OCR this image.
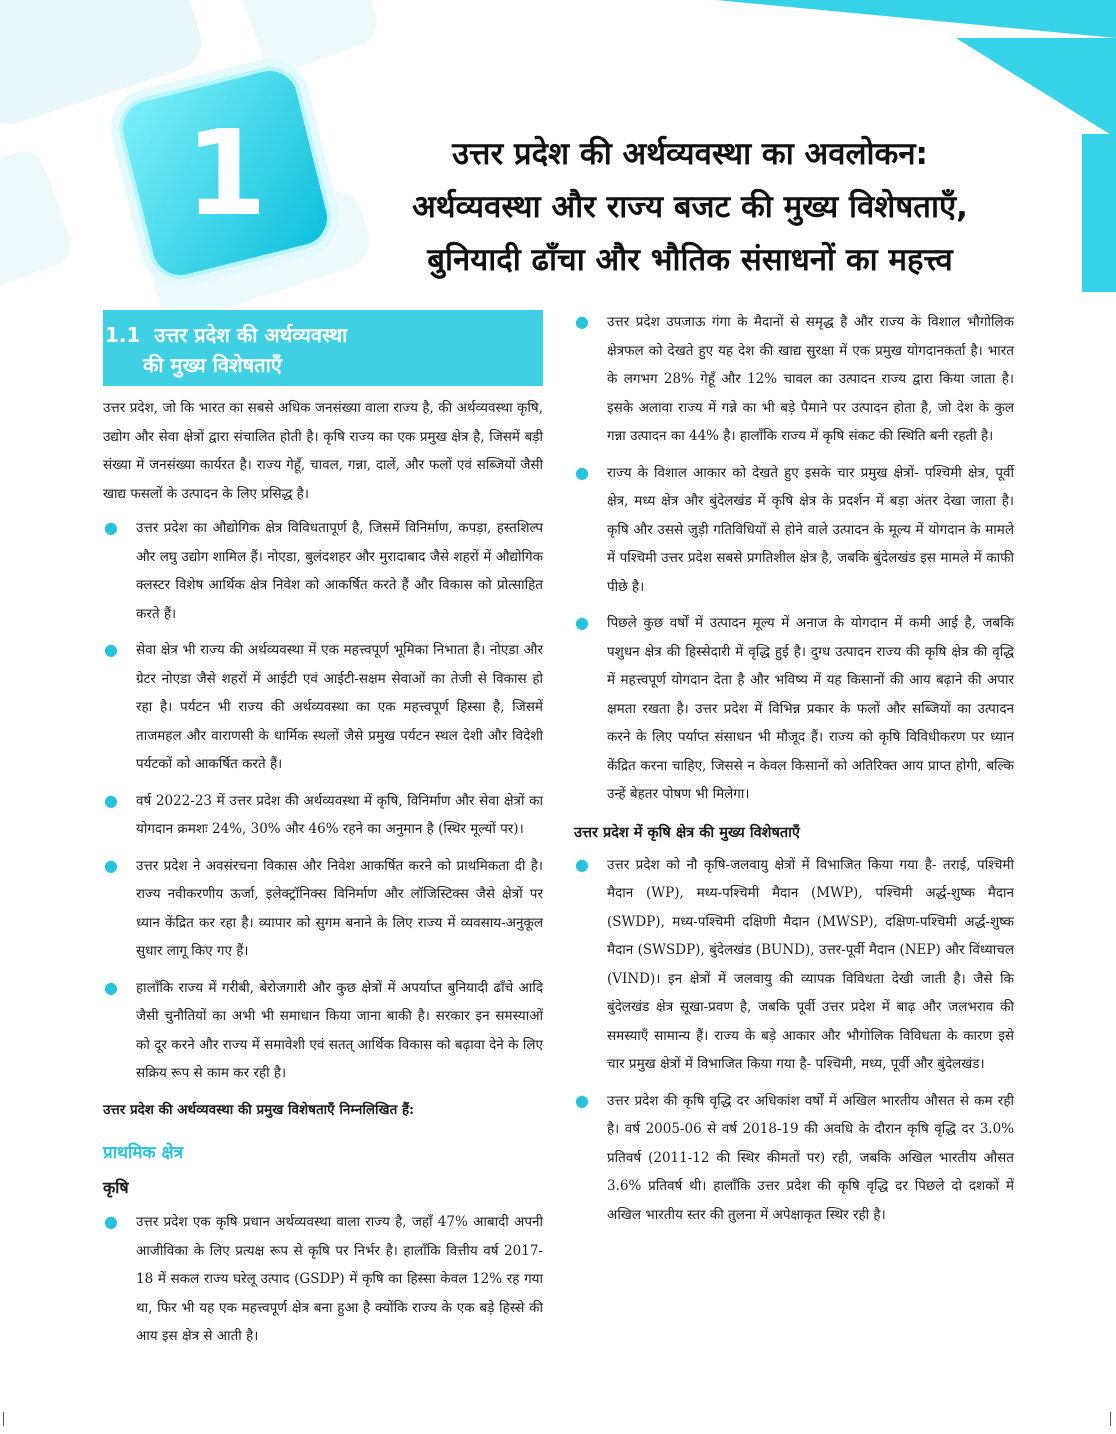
1	उत्तर प्रदेश की अर्थव्यवस्था का अवलोकन:
अर्थव्यवस्था और राज्य बजट की मुख्य विशेषताएँ,
बुनियादी ढाँचा और भौतिक संसाधनों का महत्त्व
1.1 उत्तर प्रदेश की अर्थव्यवस्था
की मुख्य विशेषताएँ

उत्तर प्रदेश, जो कि भारत का सबसे अधिक जनसंख्या वाला राज्य है, की अर्थव्यवस्था कृषि, उद्योग और सेवा क्षेत्रों द्वारा संचालित होती है। कृषि राज्य का एक प्रमुख क्षेत्र है, जिसमें बड़ी संख्या में जनसंख्या कार्यरत है। राज्य गेहूँ, चावल, गन्ना, दालें, और फलों एवं सब्जियों जैसी खाद्य फसलों के उत्पादन के लिए प्रसिद्ध है।

● उत्तर प्रदेश का औद्योगिक क्षेत्र विविधतापूर्ण है, जिसमें विनिर्माण, कपड़ा, हस्तशिल्प और लघु उद्योग शामिल हैं। नोएडा, बुलंदशहर और मुरादाबाद जैसे शहरों में औद्योगिक क्लस्टर विशेष आर्थिक क्षेत्र निवेश को आकर्षित करते हैं और विकास को प्रोत्साहित करते हैं।
● सेवा क्षेत्र भी राज्य की अर्थव्यवस्था में एक महत्त्वपूर्ण भूमिका निभाता है। नोएडा और ग्रेटर नोएडा जैसे शहरों में आईटी एवं आईटी-सक्षम सेवाओं का तेजी से विकास हो रहा है। पर्यटन भी राज्य की अर्थव्यवस्था का एक महत्त्वपूर्ण हिस्सा है, जिसमें ताजमहल और वाराणसी के धार्मिक स्थलों जैसे प्रमुख पर्यटन स्थल देशी और विदेशी पर्यटकों को आकर्षित करते हैं।
● वर्ष 2022-23 में उत्तर प्रदेश की अर्थव्यवस्था में कृषि, विनिर्माण और सेवा क्षेत्रों का योगदान क्रमशः 24%, 30% और 46% रहने का अनुमान है (स्थिर मूल्यों पर)।
● उत्तर प्रदेश ने अवसंरचना विकास और निवेश आकर्षित करने को प्राथमिकता दी है। राज्य नवीकरणीय ऊर्जा, इलेक्ट्रॉनिक्स विनिर्माण और लॉजिस्टिक्स जैसे क्षेत्रों पर ध्यान केंद्रित कर रहा है। व्यापार को सुगम बनाने के लिए राज्य में व्यवसाय-अनुकूल सुधार लागू किए गए हैं।
● हालाँकि राज्य में गरीबी, बेरोजगारी और कुछ क्षेत्रों में अपर्याप्त बुनियादी ढाँचे आदि जैसी चुनौतियों का अभी भी समाधान किया जाना बाकी है। सरकार इन समस्याओं को दूर करने और राज्य में समावेशी एवं सतत् आर्थिक विकास को बढ़ावा देने के लिए सक्रिय रूप से काम कर रही है।

उत्तर प्रदेश की अर्थव्यवस्था की प्रमुख विशेषताएँ निम्नलिखित हैं:

प्राथमिक क्षेत्र
कृषि
● उत्तर प्रदेश एक कृषि प्रधान अर्थव्यवस्था वाला राज्य है, जहाँ 47% आबादी अपनी आजीविका के लिए प्रत्यक्ष रूप से कृषि पर निर्भर है। हालाँकि वित्तीय वर्ष 2017-18 में सकल राज्य घरेलू उत्पाद (GSDP) में कृषि का हिस्सा केवल 12% रह गया था, फिर भी यह एक महत्त्वपूर्ण क्षेत्र बना हुआ है क्योंकि राज्य के एक बड़े हिस्से की आय इस क्षेत्र से आती है।
● उत्तर प्रदेश उपजाऊ गंगा के मैदानों से समृद्ध है और राज्य के विशाल भौगोलिक क्षेत्रफल को देखते हुए यह देश की खाद्य सुरक्षा में एक प्रमुख योगदानकर्ता है। भारत के लगभग 28% गेहूँ और 12% चावल का उत्पादन राज्य द्वारा किया जाता है। इसके अलावा राज्य में गन्ने का भी बड़े पैमाने पर उत्पादन होता है, जो देश के कुल गन्ना उत्पादन का 44% है। हालाँकि राज्य में कृषि संकट की स्थिति बनी रहती है।
● राज्य के विशाल आकार को देखते हुए इसके चार प्रमुख क्षेत्रों- पश्चिमी क्षेत्र, पूर्वी क्षेत्र, मध्य क्षेत्र और बुंदेलखंड में कृषि क्षेत्र के प्रदर्शन में बड़ा अंतर देखा जाता है। कृषि और उससे जुड़ी गतिविधियों से होने वाले उत्पादन के मूल्य में योगदान के मामले में पश्चिमी उत्तर प्रदेश सबसे प्रगतिशील क्षेत्र है, जबकि बुंदेलखंड इस मामले में काफी पीछे है।
● पिछले कुछ वर्षों में उत्पादन मूल्य में अनाज के योगदान में कमी आई है, जबकि पशुधन क्षेत्र की हिस्सेदारी में वृद्धि हुई है। दुग्ध उत्पादन राज्य की कृषि क्षेत्र की वृद्धि में महत्त्वपूर्ण योगदान देता है और भविष्य में यह किसानों की आय बढ़ाने की अपार क्षमता रखता है। उत्तर प्रदेश में विभिन्न प्रकार के फलों और सब्जियों का उत्पादन करने के लिए पर्याप्त संसाधन भी मौजूद हैं। राज्य को कृषि विविधीकरण पर ध्यान केंद्रित करना चाहिए, जिससे न केवल किसानों को अतिरिक्त आय प्राप्त होगी, बल्कि उन्हें बेहतर पोषण भी मिलेगा।
उत्तर प्रदेश में कृषि क्षेत्र की मुख्य विशेषताएँ
● उत्तर प्रदेश को नौ कृषि-जलवायु क्षेत्रों में विभाजित किया गया है- तराई, पश्चिमी मैदान (WP), मध्य-पश्चिमी मैदान (MWP), पश्चिमी अर्द्ध-शुष्क मैदान (SWDP), मध्य-पश्चिमी दक्षिणी मैदान (MWSP), दक्षिण-पश्चिमी अर्द्ध-शुष्क मैदान (SWSDP), बुंदेलखंड (BUND), उत्तर-पूर्वी मैदान (NEP) और विंध्याचल (VIND)। इन क्षेत्रों में जलवायु की व्यापक विविधता देखी जाती है। जैसे कि बुंदेलखंड क्षेत्र सूखा-प्रवण है, जबकि पूर्वी उत्तर प्रदेश में बाढ़ और जलभराव की समस्याएँ सामान्य हैं। राज्य के बड़े आकार और भौगोलिक विविधता के कारण इसे चार प्रमुख क्षेत्रों में विभाजित किया गया है- पश्चिमी, मध्य, पूर्वी और बुंदेलखंड।
● उत्तर प्रदेश की कृषि वृद्धि दर अधिकांश वर्षों में अखिल भारतीय औसत से कम रही है। वर्ष 2005-06 से वर्ष 2018-19 की अवधि के दौरान कृषि वृद्धि दर 3.0% प्रतिवर्ष (2011-12 की स्थिर कीमतों पर) रही, जबकि अखिल भारतीय औसत 3.6% प्रतिवर्ष थी। हालाँकि उत्तर प्रदेश की कृषि वृद्धि दर पिछले दो दशकों में अखिल भारतीय स्तर की तुलना में अपेक्षाकृत स्थिर रही है।
